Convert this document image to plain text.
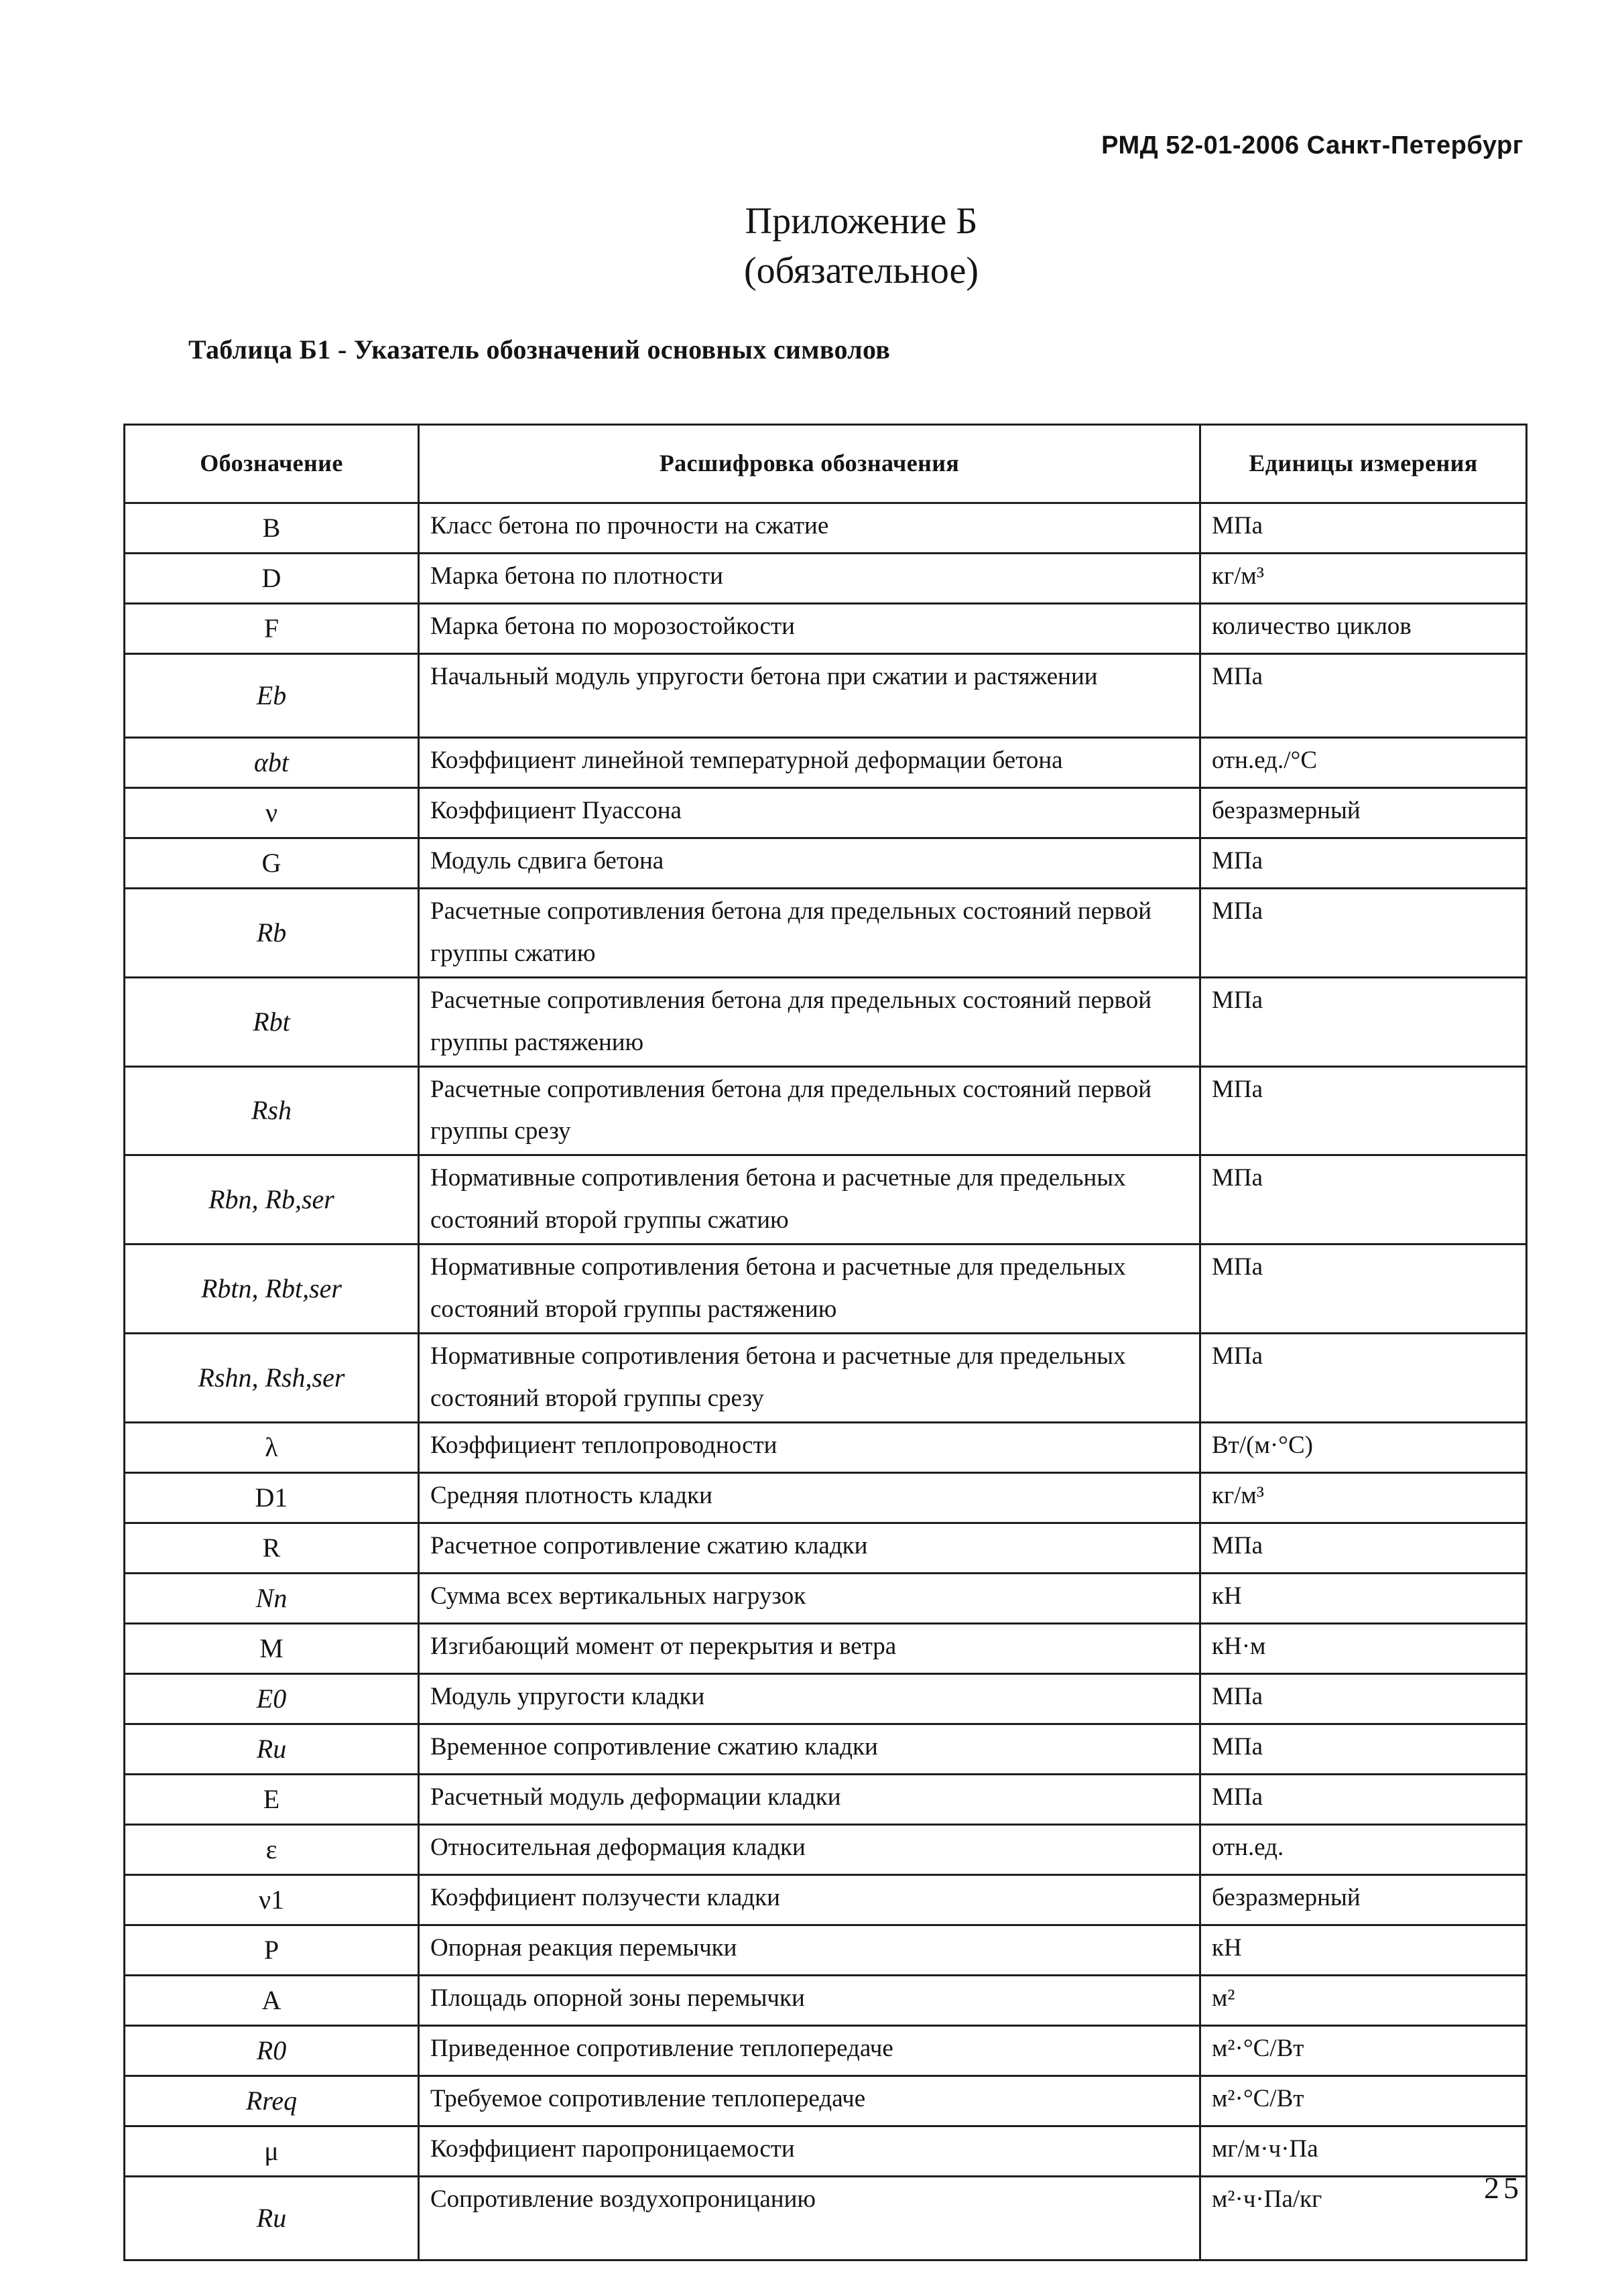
РМД 52-01-2006 Санкт-Петербург
Приложение Б
(обязательное)
Таблица Б1 - Указатель обозначений основных символов
Обозначение	Расшифровка обозначения	Единицы измерения
B	Класс бетона по прочности на сжатие	МПа
D	Марка бетона по плотности	кг/м³
F	Марка бетона по морозостойкости	количество циклов
Eb	Начальный модуль упругости бетона при сжатии и растяжении	МПа
αbt	Коэффициент линейной температурной деформации бетона	отн.ед./°С
ν	Коэффициент Пуассона	безразмерный
G	Модуль сдвига бетона	МПа
Rb	Расчетные сопротивления бетона для предельных состояний первой группы сжатию	МПа
Rbt	Расчетные сопротивления бетона для предельных состояний первой группы растяжению	МПа
Rsh	Расчетные сопротивления бетона для предельных состояний первой группы срезу	МПа
Rbn, Rb,ser	Нормативные сопротивления бетона и расчетные для предельных состояний второй группы сжатию	МПа
Rbtn, Rbt,ser	Нормативные сопротивления бетона и расчетные для предельных состояний второй группы растяжению	МПа
Rshn, Rsh,ser	Нормативные сопротивления бетона и расчетные для предельных состояний второй группы срезу	МПа
λ	Коэффициент теплопроводности	Вт/(м·°С)
D1	Средняя плотность кладки	кг/м³
R	Расчетное сопротивление сжатию кладки	МПа
Nn	Сумма всех вертикальных нагрузок	кН
M	Изгибающий момент от перекрытия и ветра	кН·м
E0	Модуль упругости кладки	МПа
Rи	Временное сопротивление сжатию кладки	МПа
E	Расчетный модуль деформации кладки	МПа
ε	Относительная деформация кладки	отн.ед.
ν1	Коэффициент ползучести кладки	безразмерный
P	Опорная реакция перемычки	кН
A	Площадь опорной зоны перемычки	м²
R0	Приведенное сопротивление теплопередаче	м²·°С/Вт
Rreq	Требуемое сопротивление теплопередаче	м²·°С/Вт
μ	Коэффициент паропроницаемости	мг/м·ч·Па
Rи	Сопротивление воздухопроницанию	м²·ч·Па/кг	25
